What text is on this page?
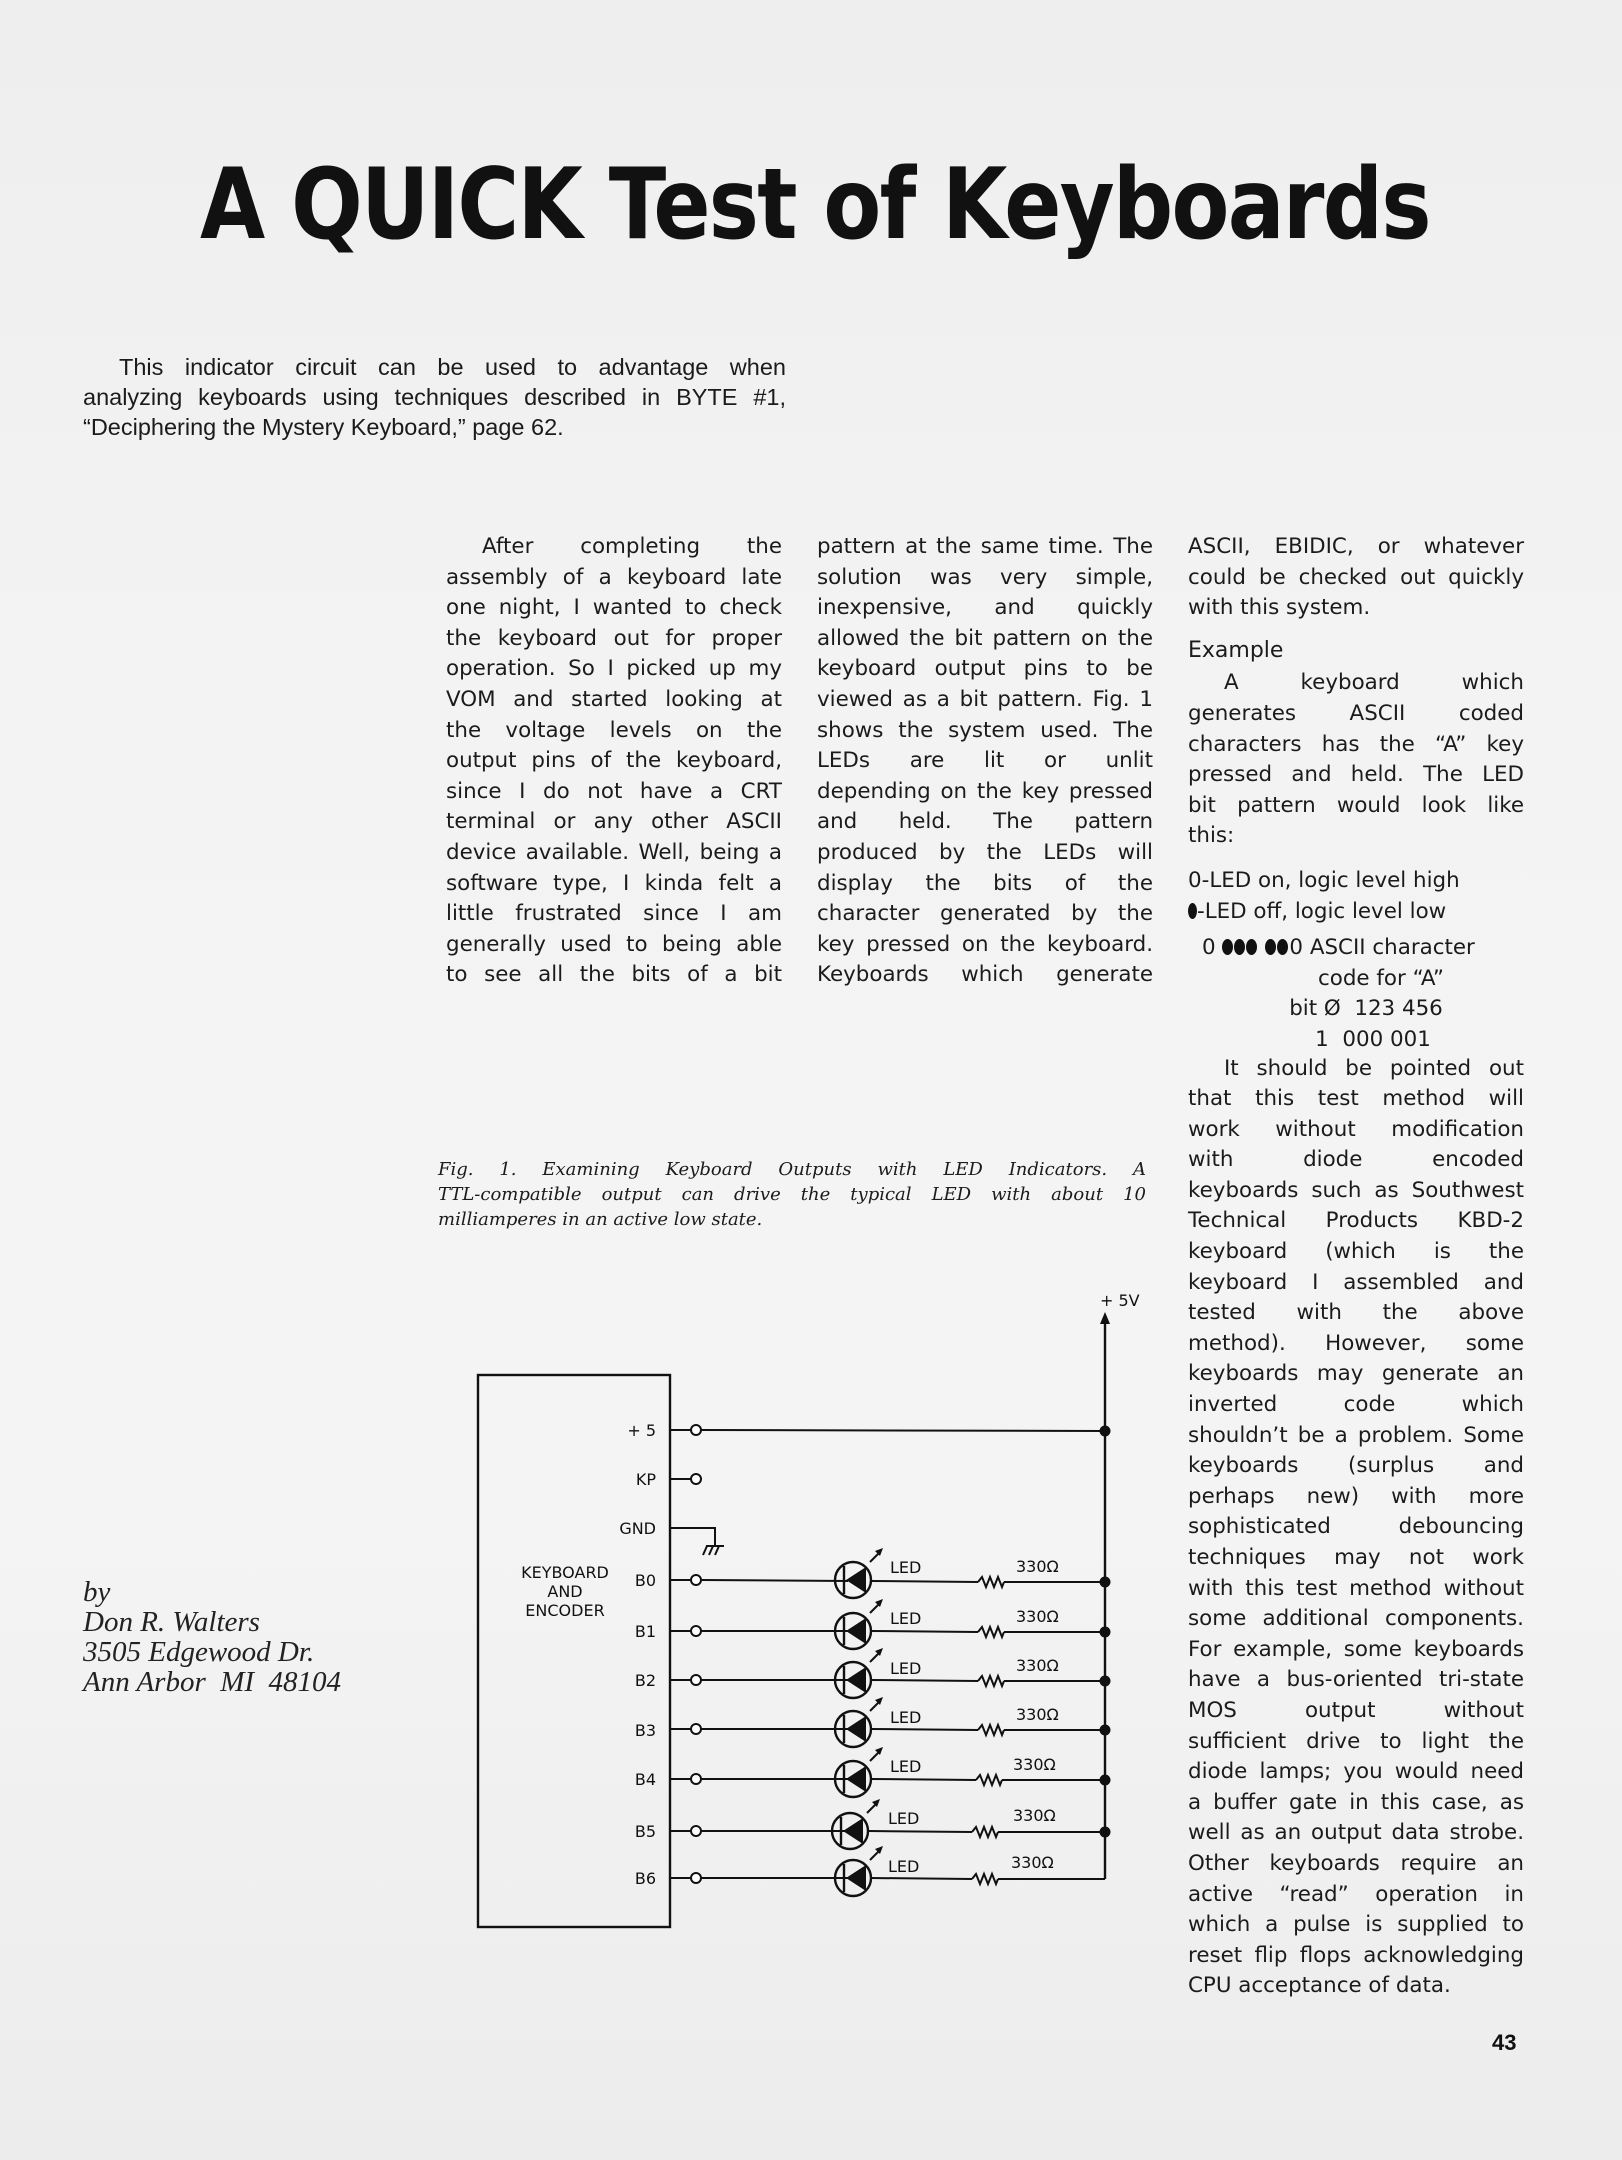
A QUICK Test of Keyboards
This indicator circuit can be used to advantage when
analyzing keyboards using techniques described in BYTE #1,
“Deciphering the Mystery Keyboard,” page 62.
After completing the
assembly of a keyboard late
one night, I wanted to check
the keyboard out for proper
operation. So I picked up my
VOM and started looking at
the voltage levels on the
output pins of the keyboard,
since I do not have a CRT
terminal or any other ASCII
device available. Well, being a
software type, I kinda felt a
little frustrated since I am
generally used to being able
to see all the bits of a bit
pattern at the same time. The
solution was very simple,
inexpensive, and quickly
allowed the bit pattern on the
keyboard output pins to be
viewed as a bit pattern. Fig. 1
shows the system used. The
LEDs are lit or unlit
depending on the key pressed
and held. The pattern
produced by the LEDs will
display the bits of the
character generated by the
key pressed on the keyboard.
Keyboards which generate
ASCII, EBIDIC, or whatever
could be checked out quickly
with this system.
Example
A keyboard which
generates ASCII coded
characters has the “A” key
pressed and held. The LED
bit pattern would look like
this:
0-LED on, logic level high
-LED off, logic level low
0	0 ASCII character
code for “A”
bit Ø  123 456
1  000 001
It should be pointed out
that this test method will
work without modification
with diode encoded
keyboards such as Southwest
Technical Products KBD-2
keyboard (which is the
keyboard I assembled and
tested with the above
method). However, some
keyboards may generate an
inverted code which
shouldn’t be a problem. Some
keyboards (surplus and
perhaps new) with more
sophisticated debouncing
techniques may not work
with this test method without
some additional components.
For example, some keyboards
have a bus-oriented tri-state
MOS output without
sufficient drive to light the
diode lamps; you would need
a buffer gate in this case, as
well as an output data strobe.
Other keyboards require an
active “read” operation in
which a pulse is supplied to
reset flip flops acknowledging
CPU acceptance of data.
Fig. 1. Examining Keyboard Outputs with LED Indicators. A
TTL-compatible output can drive the typical LED with about 10
milliamperes in an active low state.
KEYBOARD
AND
ENCODER
+ 5V
+ 5
KP
GND
B0
LED	330Ω
B1
LED	330Ω
B2
LED	330Ω
B3
LED	330Ω
B4
LED	330Ω
B5
LED	330Ω
B6
LED	330Ω
by
Don R. Walters
3505 Edgewood Dr.
Ann Arbor  MI  48104
43
